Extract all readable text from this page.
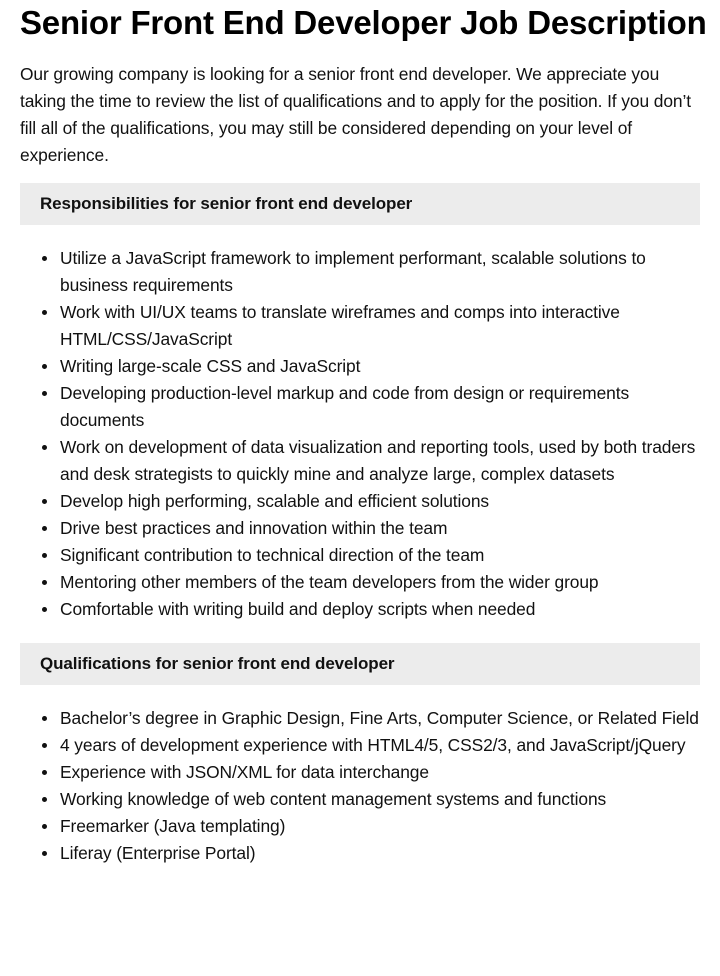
Senior Front End Developer Job Description

Our growing company is looking for a senior front end developer. We appreciate you taking the time to review the list of qualifications and to apply for the position. If you don’t fill all of the qualifications, you may still be considered depending on your level of experience.

Responsibilities for senior front end developer
Utilize a JavaScript framework to implement performant, scalable solutions to business requirements
Work with UI/UX teams to translate wireframes and comps into interactive HTML/CSS/JavaScript
Writing large-scale CSS and JavaScript
Developing production-level markup and code from design or requirements documents
Work on development of data visualization and reporting tools, used by both traders and desk strategists to quickly mine and analyze large, complex datasets
Develop high performing, scalable and efficient solutions
Drive best practices and innovation within the team
Significant contribution to technical direction of the team
Mentoring other members of the team developers from the wider group
Comfortable with writing build and deploy scripts when needed
Qualifications for senior front end developer
Bachelor’s degree in Graphic Design, Fine Arts, Computer Science, or Related Field
4 years of development experience with HTML4/5, CSS2/3, and JavaScript/jQuery
Experience with JSON/XML for data interchange
Working knowledge of web content management systems and functions
Freemarker (Java templating)
Liferay (Enterprise Portal)
